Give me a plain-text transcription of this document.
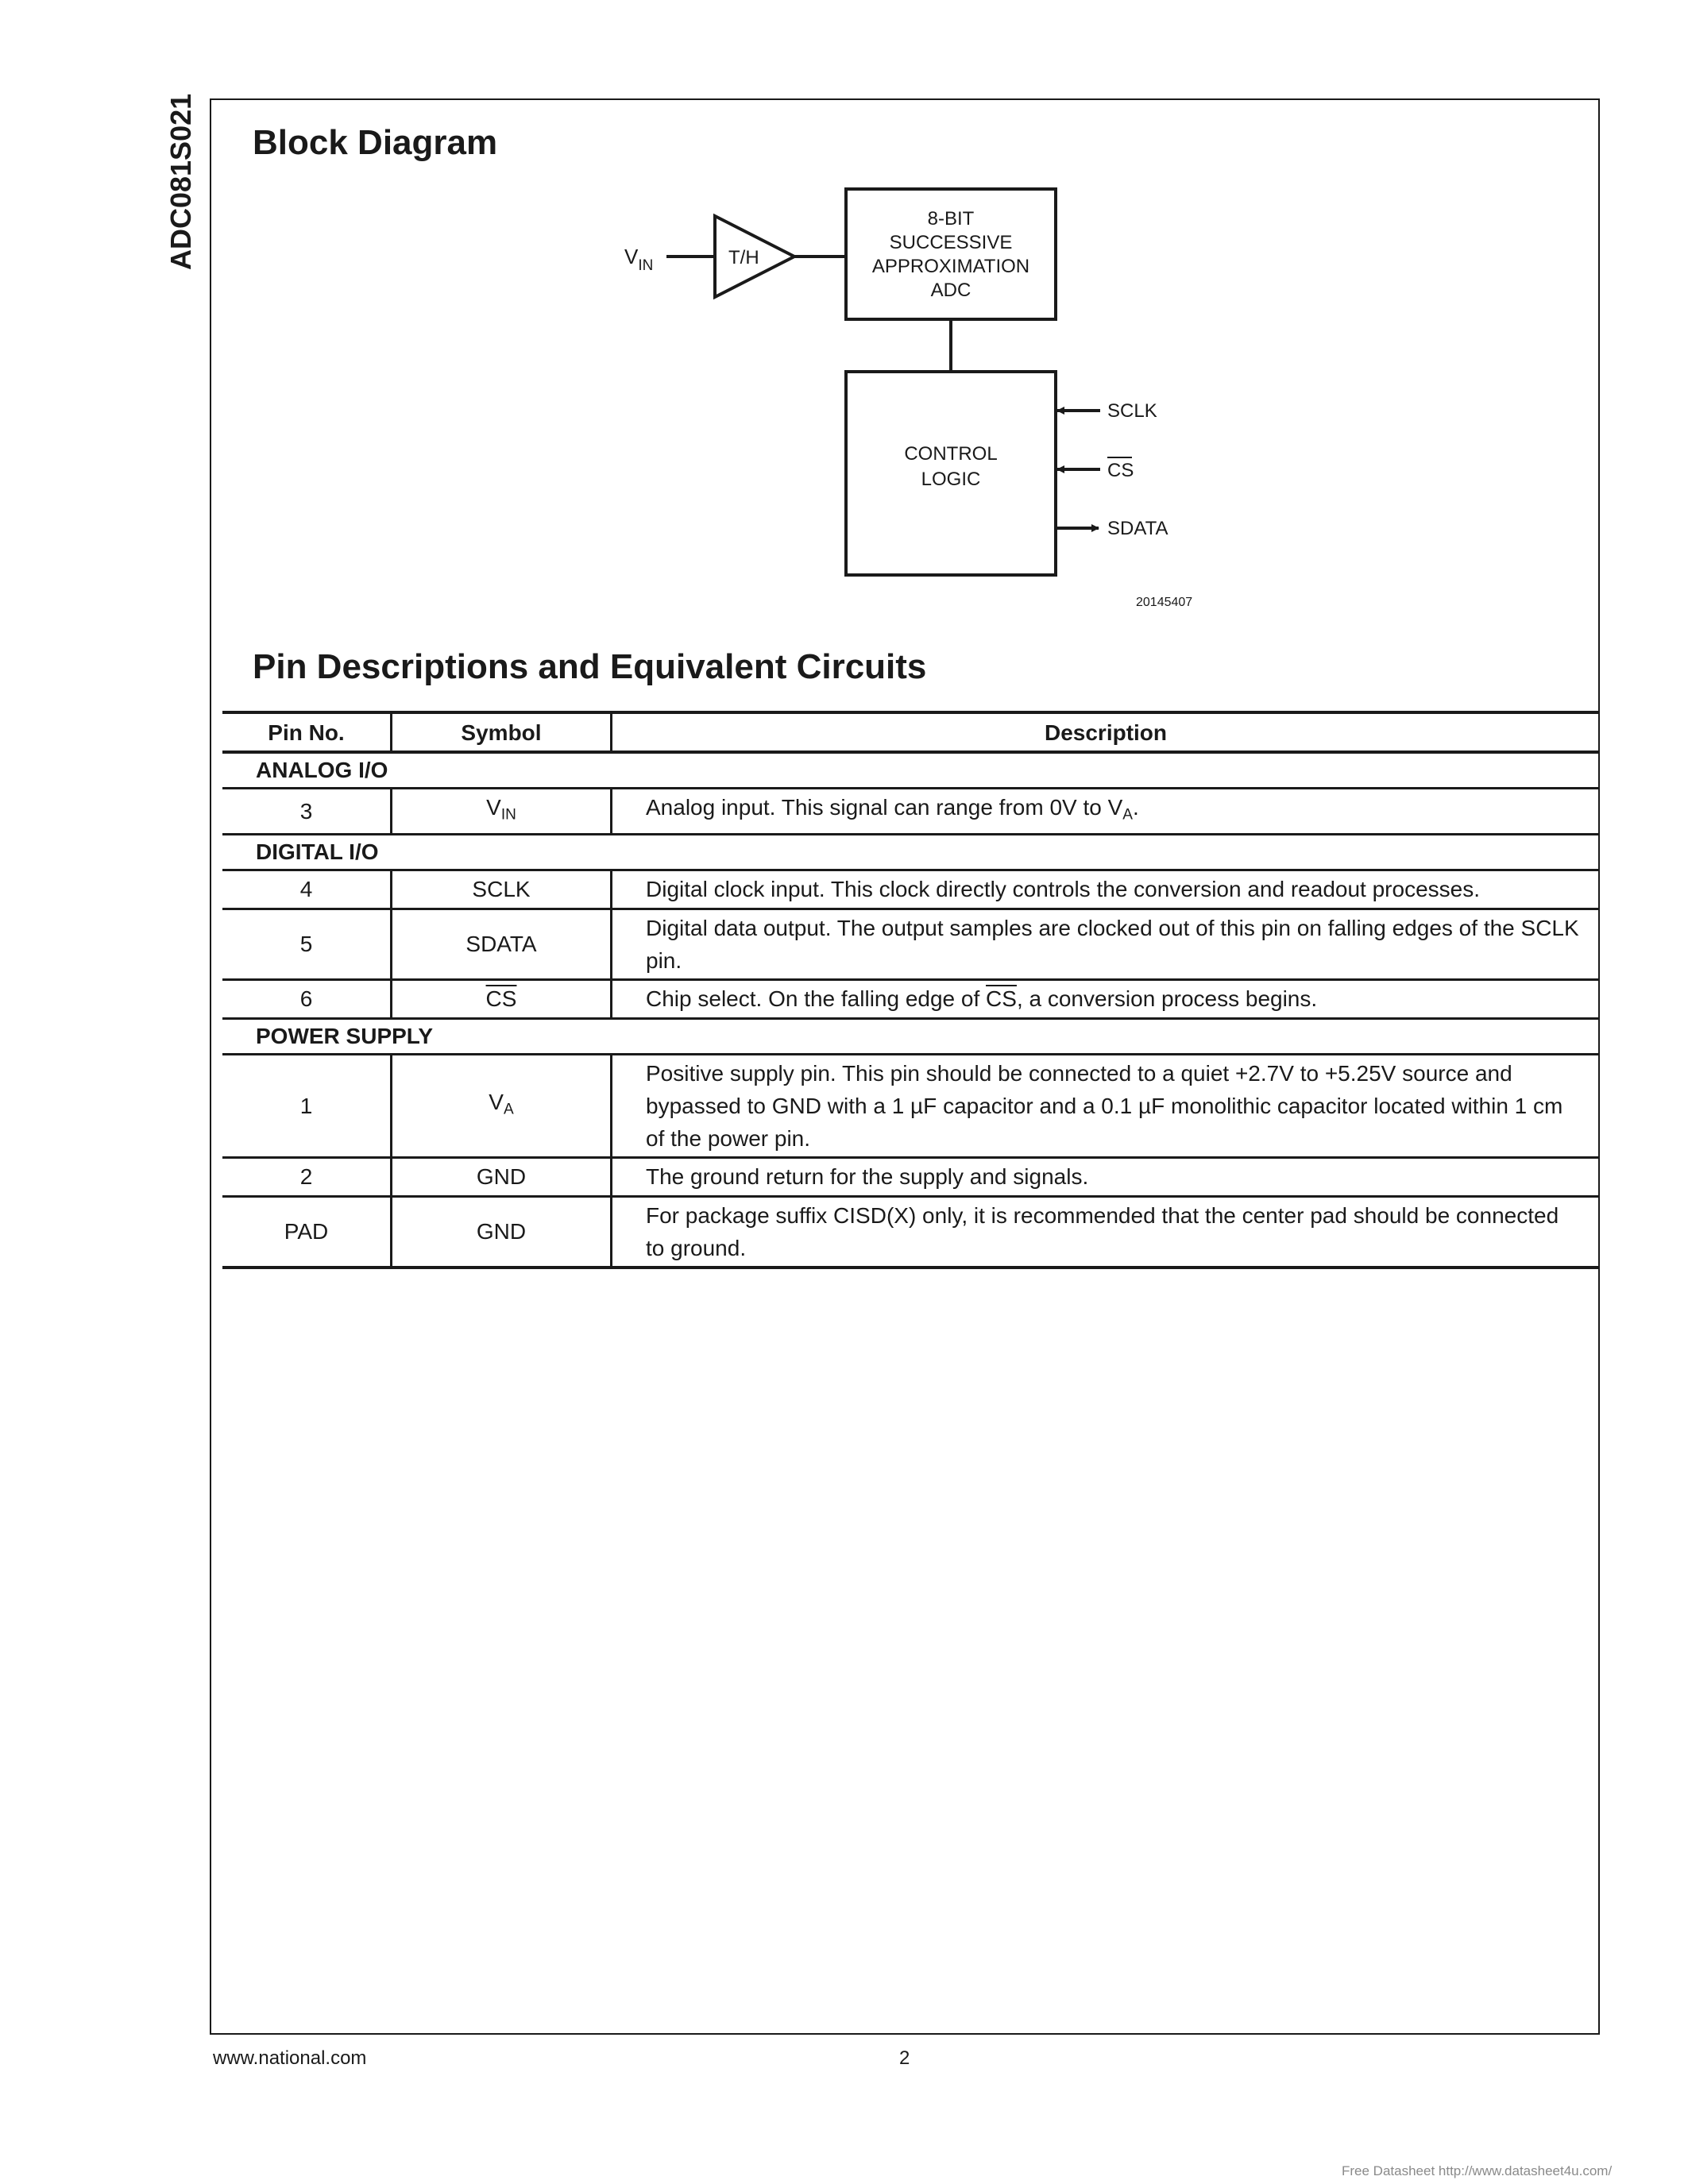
ADC081S021 Block Diagram
$V_{IN}$	T/H
8-BIT
SUCCESSIVE
APPROXIMATION
ADC
CONTROL
LOGIC
SCLK
CS
SDATA
20145407
Pin Descriptions and Equivalent Circuits
Pin No.	Symbol	Description
ANALOG I/O		
3	$V_{IN}$	Analog input. This signal can range from 0V to $V_A$.
DIGITAL I/O		
4	SCLK	Digital clock input. This clock directly controls the conversion and readout processes.
5	SDATA	Digital data output. The output samples are clocked out of this pin on falling edges of the SCLK pin.
6	$\overline{CS}$	Chip select. On the falling edge of $\overline{CS}$, a conversion process begins.
POWER SUPPLY		
1	$V_A$	Positive supply pin. This pin should be connected to a quiet +2.7V to +5.25V source and bypassed to GND with a 1 µF capacitor and a 0.1 µF monolithic capacitor located within 1 cm of the power pin.
2	GND	The ground return for the supply and signals.
PAD	GND	For package suffix CISD(X) only, it is recommended that the center pad should be connected to ground.
www.national.com	2
Free Datasheet http://www.datasheet4u.com/
